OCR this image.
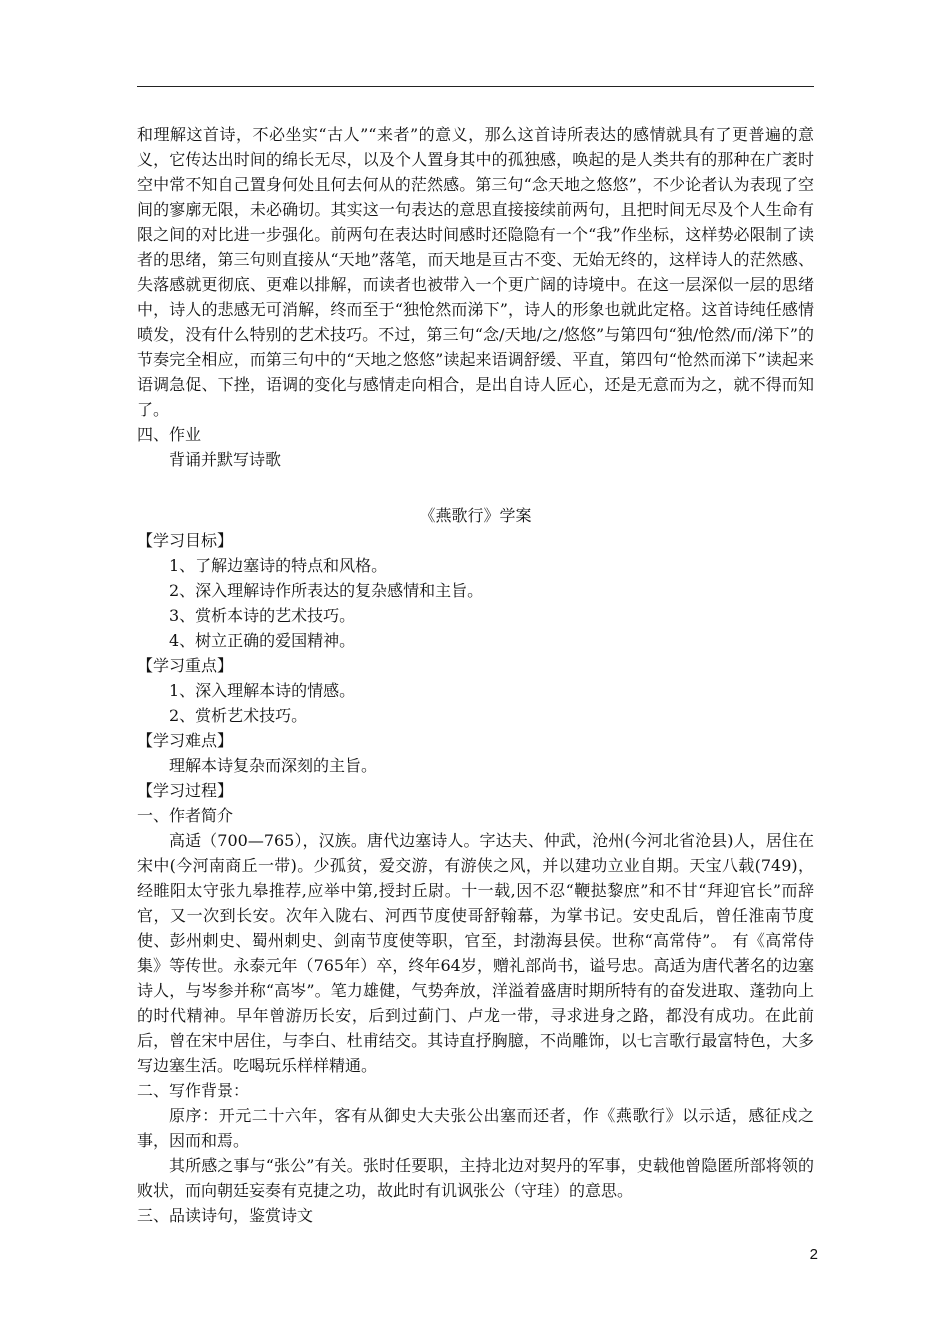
和理解这首诗，不必坐实“古人”“来者”的意义，那么这首诗所表达的感情就具有了更普遍的意义，它传达出时间的绵长无尽，以及个人置身其中的孤独感，唤起的是人类共有的那种在广袤时空中常不知自己置身何处且何去何从的茫然感。第三句“念天地之悠悠”，不少论者认为表现了空间的寥廓无限，未必确切。其实这一句表达的意思直接接续前两句，且把时间无尽及个人生命有限之间的对比进一步强化。前两句在表达时间感时还隐隐有一个“我”作坐标，这样势必限制了读者的思绪，第三句则直接从“天地”落笔，而天地是亘古不变、无始无终的，这样诗人的茫然感、失落感就更彻底、更难以排解，而读者也被带入一个更广阔的诗境中。在这一层深似一层的思绪中，诗人的悲感无可消解，终而至于“独怆然而涕下”，诗人的形象也就此定格。这首诗纯任感情喷发，没有什么特别的艺术技巧。不过，第三句“念/天地/之/悠悠”与第四句“独/怆然/而/涕下”的节奏完全相应，而第三句中的“天地之悠悠”读起来语调舒缓、平直，第四句“怆然而涕下”读起来语调急促、下挫，语调的变化与感情走向相合，是出自诗人匠心，还是无意而为之，就不得而知了。

四、作业

背诵并默写诗歌

《燕歌行》学案

【学习目标】

1、了解边塞诗的特点和风格。

2、深入理解诗作所表达的复杂感情和主旨。

3、赏析本诗的艺术技巧。

4、树立正确的爱国精神。

【学习重点】

1、深入理解本诗的情感。

2、赏析艺术技巧。

【学习难点】

理解本诗复杂而深刻的主旨。

【学习过程】

一、作者简介

高适（700—765），汉族。唐代边塞诗人。字达夫、仲武，沧州(今河北省沧县)人，居住在宋中(今河南商丘一带)。少孤贫，爱交游，有游侠之风，并以建功立业自期。天宝八载(749)，经睢阳太守张九皋推荐,应举中第,授封丘尉。十一载,因不忍“鞭挞黎庶”和不甘“拜迎官长”而辞官，又一次到长安。次年入陇右、河西节度使哥舒翰幕，为掌书记。安史乱后，曾任淮南节度使、彭州刺史、蜀州刺史、剑南节度使等职，官至，封渤海县侯。世称“高常侍”。 有《高常侍集》等传世。永泰元年（765年）卒，终年64岁，赠礼部尚书，谥号忠。高适为唐代著名的边塞诗人，与岑参并称“高岑”。笔力雄健，气势奔放，洋溢着盛唐时期所特有的奋发进取、蓬勃向上的时代精神。早年曾游历长安，后到过蓟门、卢龙一带，寻求进身之路，都没有成功。在此前后，曾在宋中居住，与李白、杜甫结交。其诗直抒胸臆，不尚雕饰，以七言歌行最富特色，大多写边塞生活。吃喝玩乐样样精通。

二、写作背景：

原序：开元二十六年，客有从御史大夫张公出塞而还者，作《燕歌行》以示适，感征戍之事，因而和焉。

其所感之事与“张公”有关。张时任要职，主持北边对契丹的军事，史载他曾隐匿所部将领的败状，而向朝廷妄奏有克捷之功，故此时有讥讽张公（守珪）的意思。

三、品读诗句，鉴赏诗文

2
